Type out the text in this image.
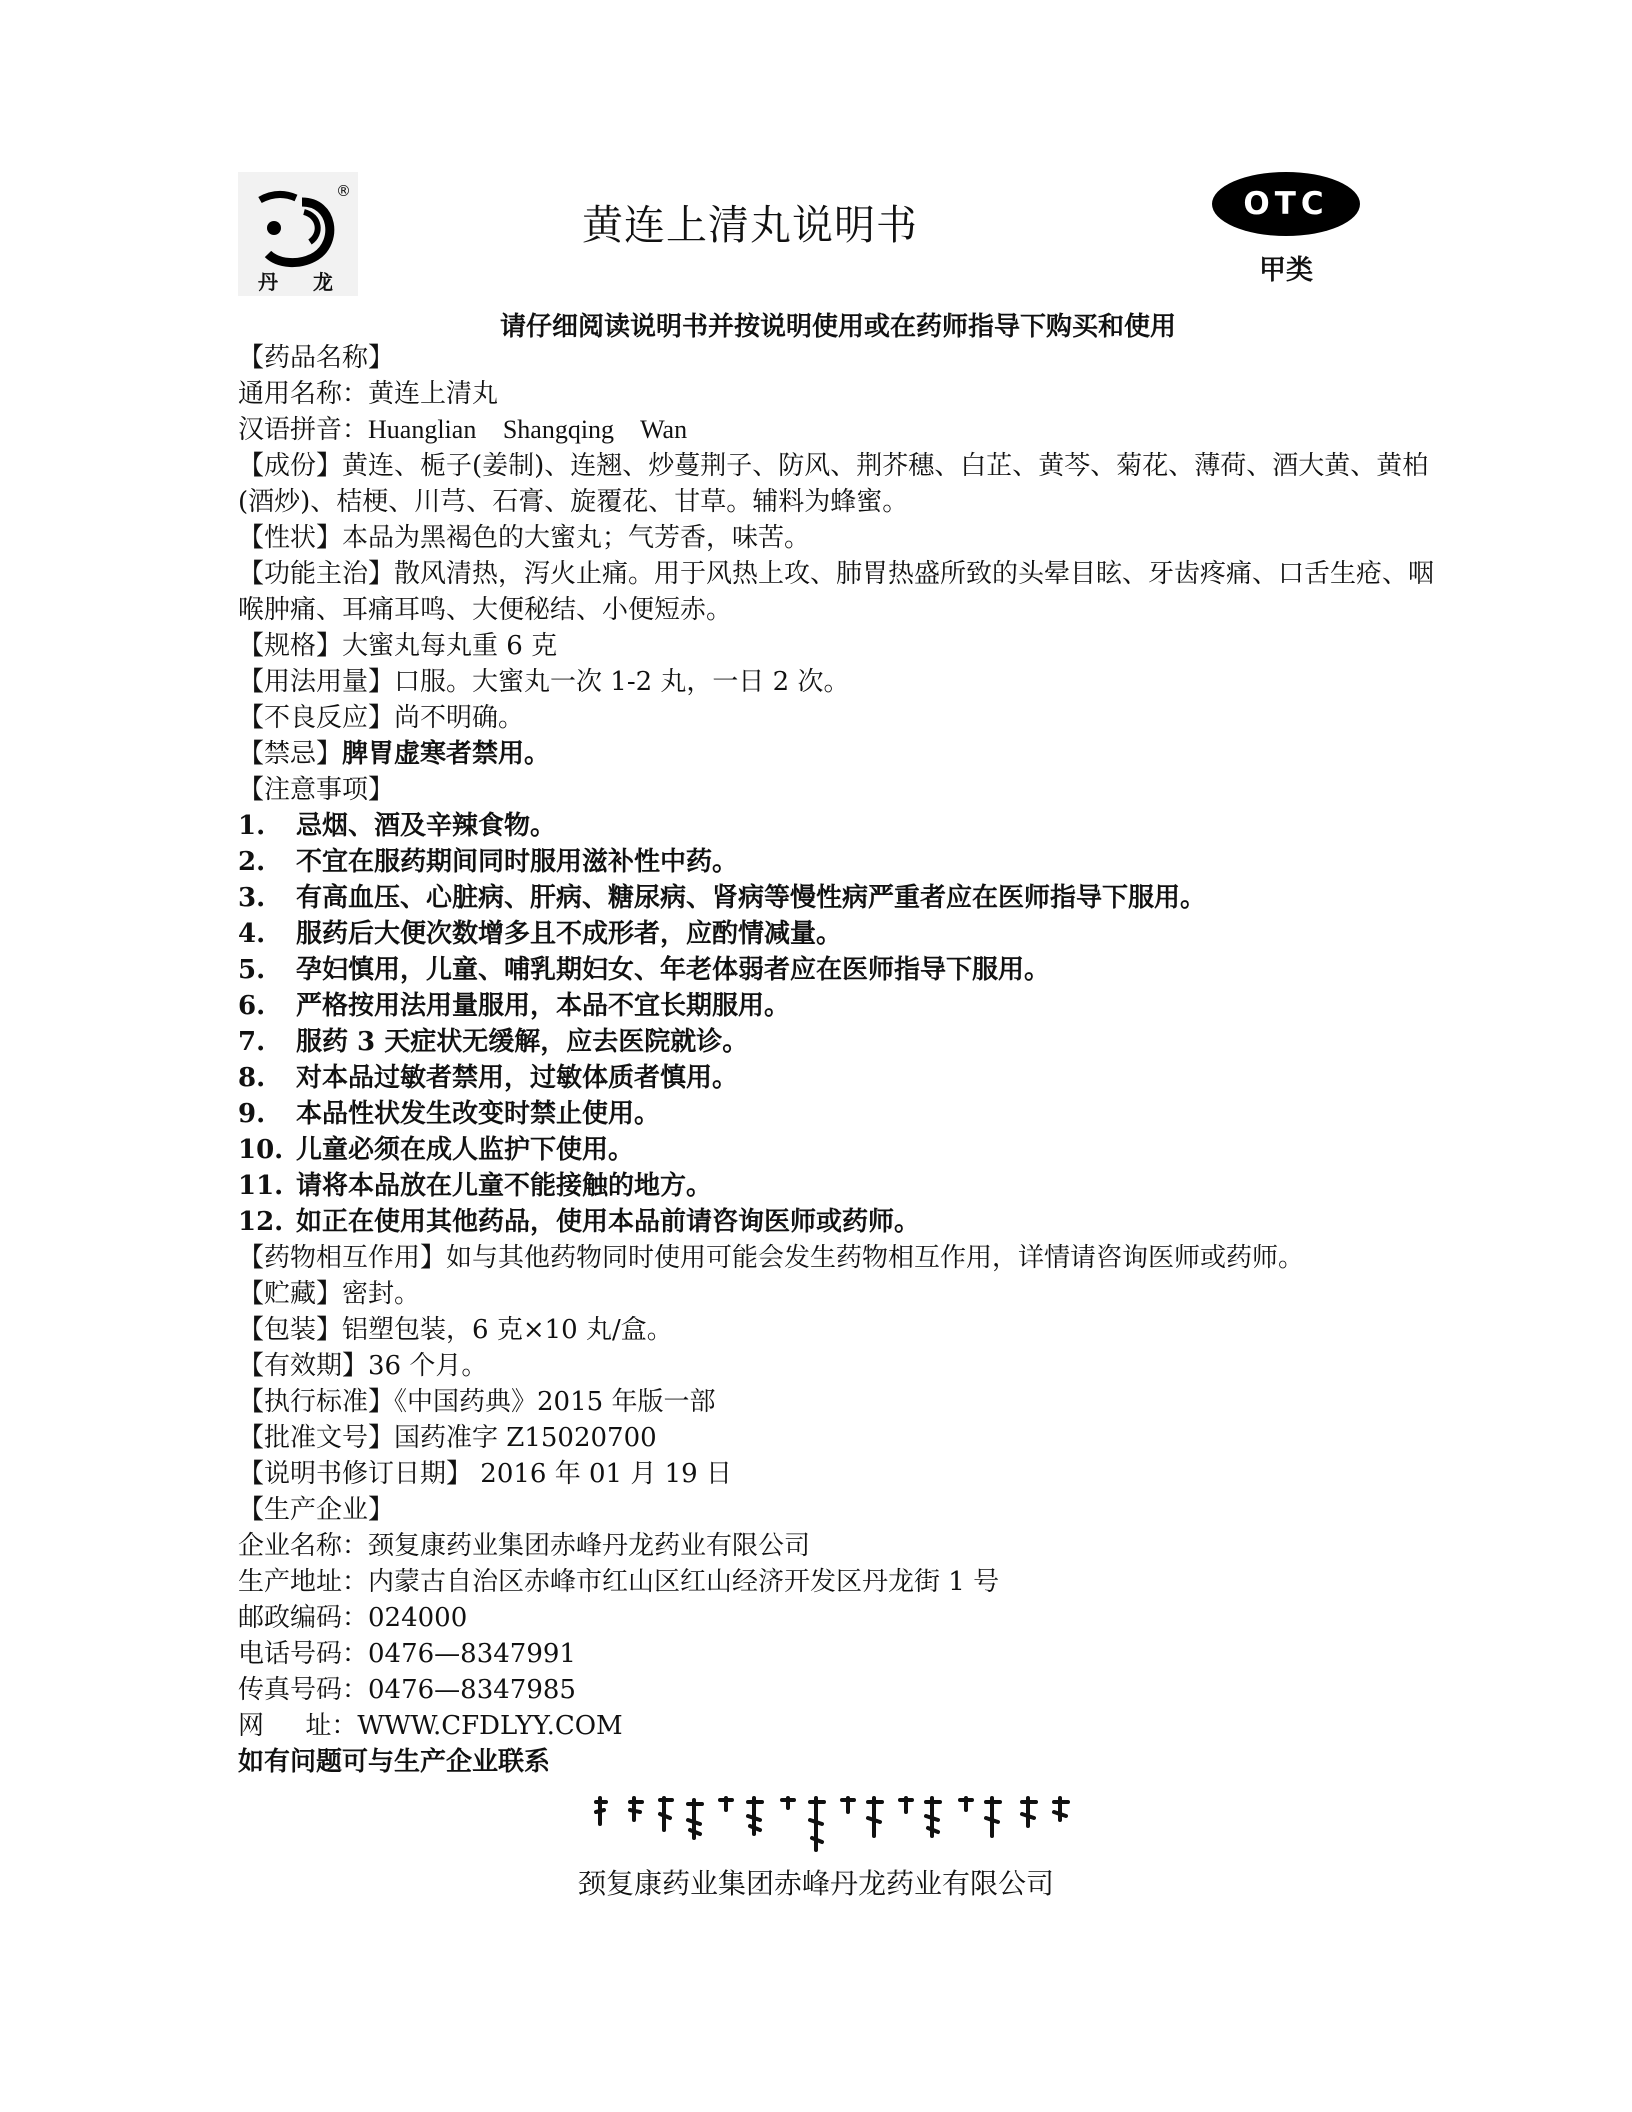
®
丹 龙
黄连上清丸说明书	OTC
甲类
请仔细阅读说明书并按说明使用或在药师指导下购买和使用
【药品名称】
通用名称：黄连上清丸
汉语拼音：Huanglian Shangqing Wan
【成份】黄连、栀子(姜制)、连翘、炒蔓荆子、防风、荆芥穗、白芷、黄芩、菊花、薄荷、酒大黄、黄柏(酒炒)、桔梗、川芎、石膏、旋覆花、甘草。辅料为蜂蜜。
【性状】本品为黑褐色的大蜜丸；气芳香，味苦。
【功能主治】散风清热，泻火止痛。用于风热上攻、肺胃热盛所致的头晕目眩、牙齿疼痛、口舌生疮、咽喉肿痛、耳痛耳鸣、大便秘结、小便短赤。
【规格】大蜜丸每丸重 6 克
【用法用量】口服。大蜜丸一次 1-2 丸，一日 2 次。
【不良反应】尚不明确。
【禁忌】脾胃虚寒者禁用。
【注意事项】
1. 忌烟、酒及辛辣食物。
2. 不宜在服药期间同时服用滋补性中药。
3. 有高血压、心脏病、肝病、糖尿病、肾病等慢性病严重者应在医师指导下服用。
4. 服药后大便次数增多且不成形者，应酌情减量。
5. 孕妇慎用，儿童、哺乳期妇女、年老体弱者应在医师指导下服用。
6. 严格按用法用量服用，本品不宜长期服用。
7. 服药 3 天症状无缓解，应去医院就诊。
8. 对本品过敏者禁用，过敏体质者慎用。
9. 本品性状发生改变时禁止使用。
10. 儿童必须在成人监护下使用。
11. 请将本品放在儿童不能接触的地方。
12. 如正在使用其他药品，使用本品前请咨询医师或药师。
【药物相互作用】如与其他药物同时使用可能会发生药物相互作用，详情请咨询医师或药师。
【贮藏】密封。
【包装】铝塑包装，6 克×10 丸/盒。
【有效期】36 个月。
【执行标准】《中国药典》2015 年版一部
【批准文号】国药准字 Z15020700
【说明书修订日期】 2016 年 01 月 19 日
【生产企业】
企业名称：颈复康药业集团赤峰丹龙药业有限公司
生产地址：内蒙古自治区赤峰市红山区红山经济开发区丹龙街 1 号
邮政编码：024000
电话号码：0476—8347991
传真号码：0476—8347985
网     址：WWW.CFDLYY.COM
如有问题可与生产企业联系
颈复康药业集团赤峰丹龙药业有限公司
